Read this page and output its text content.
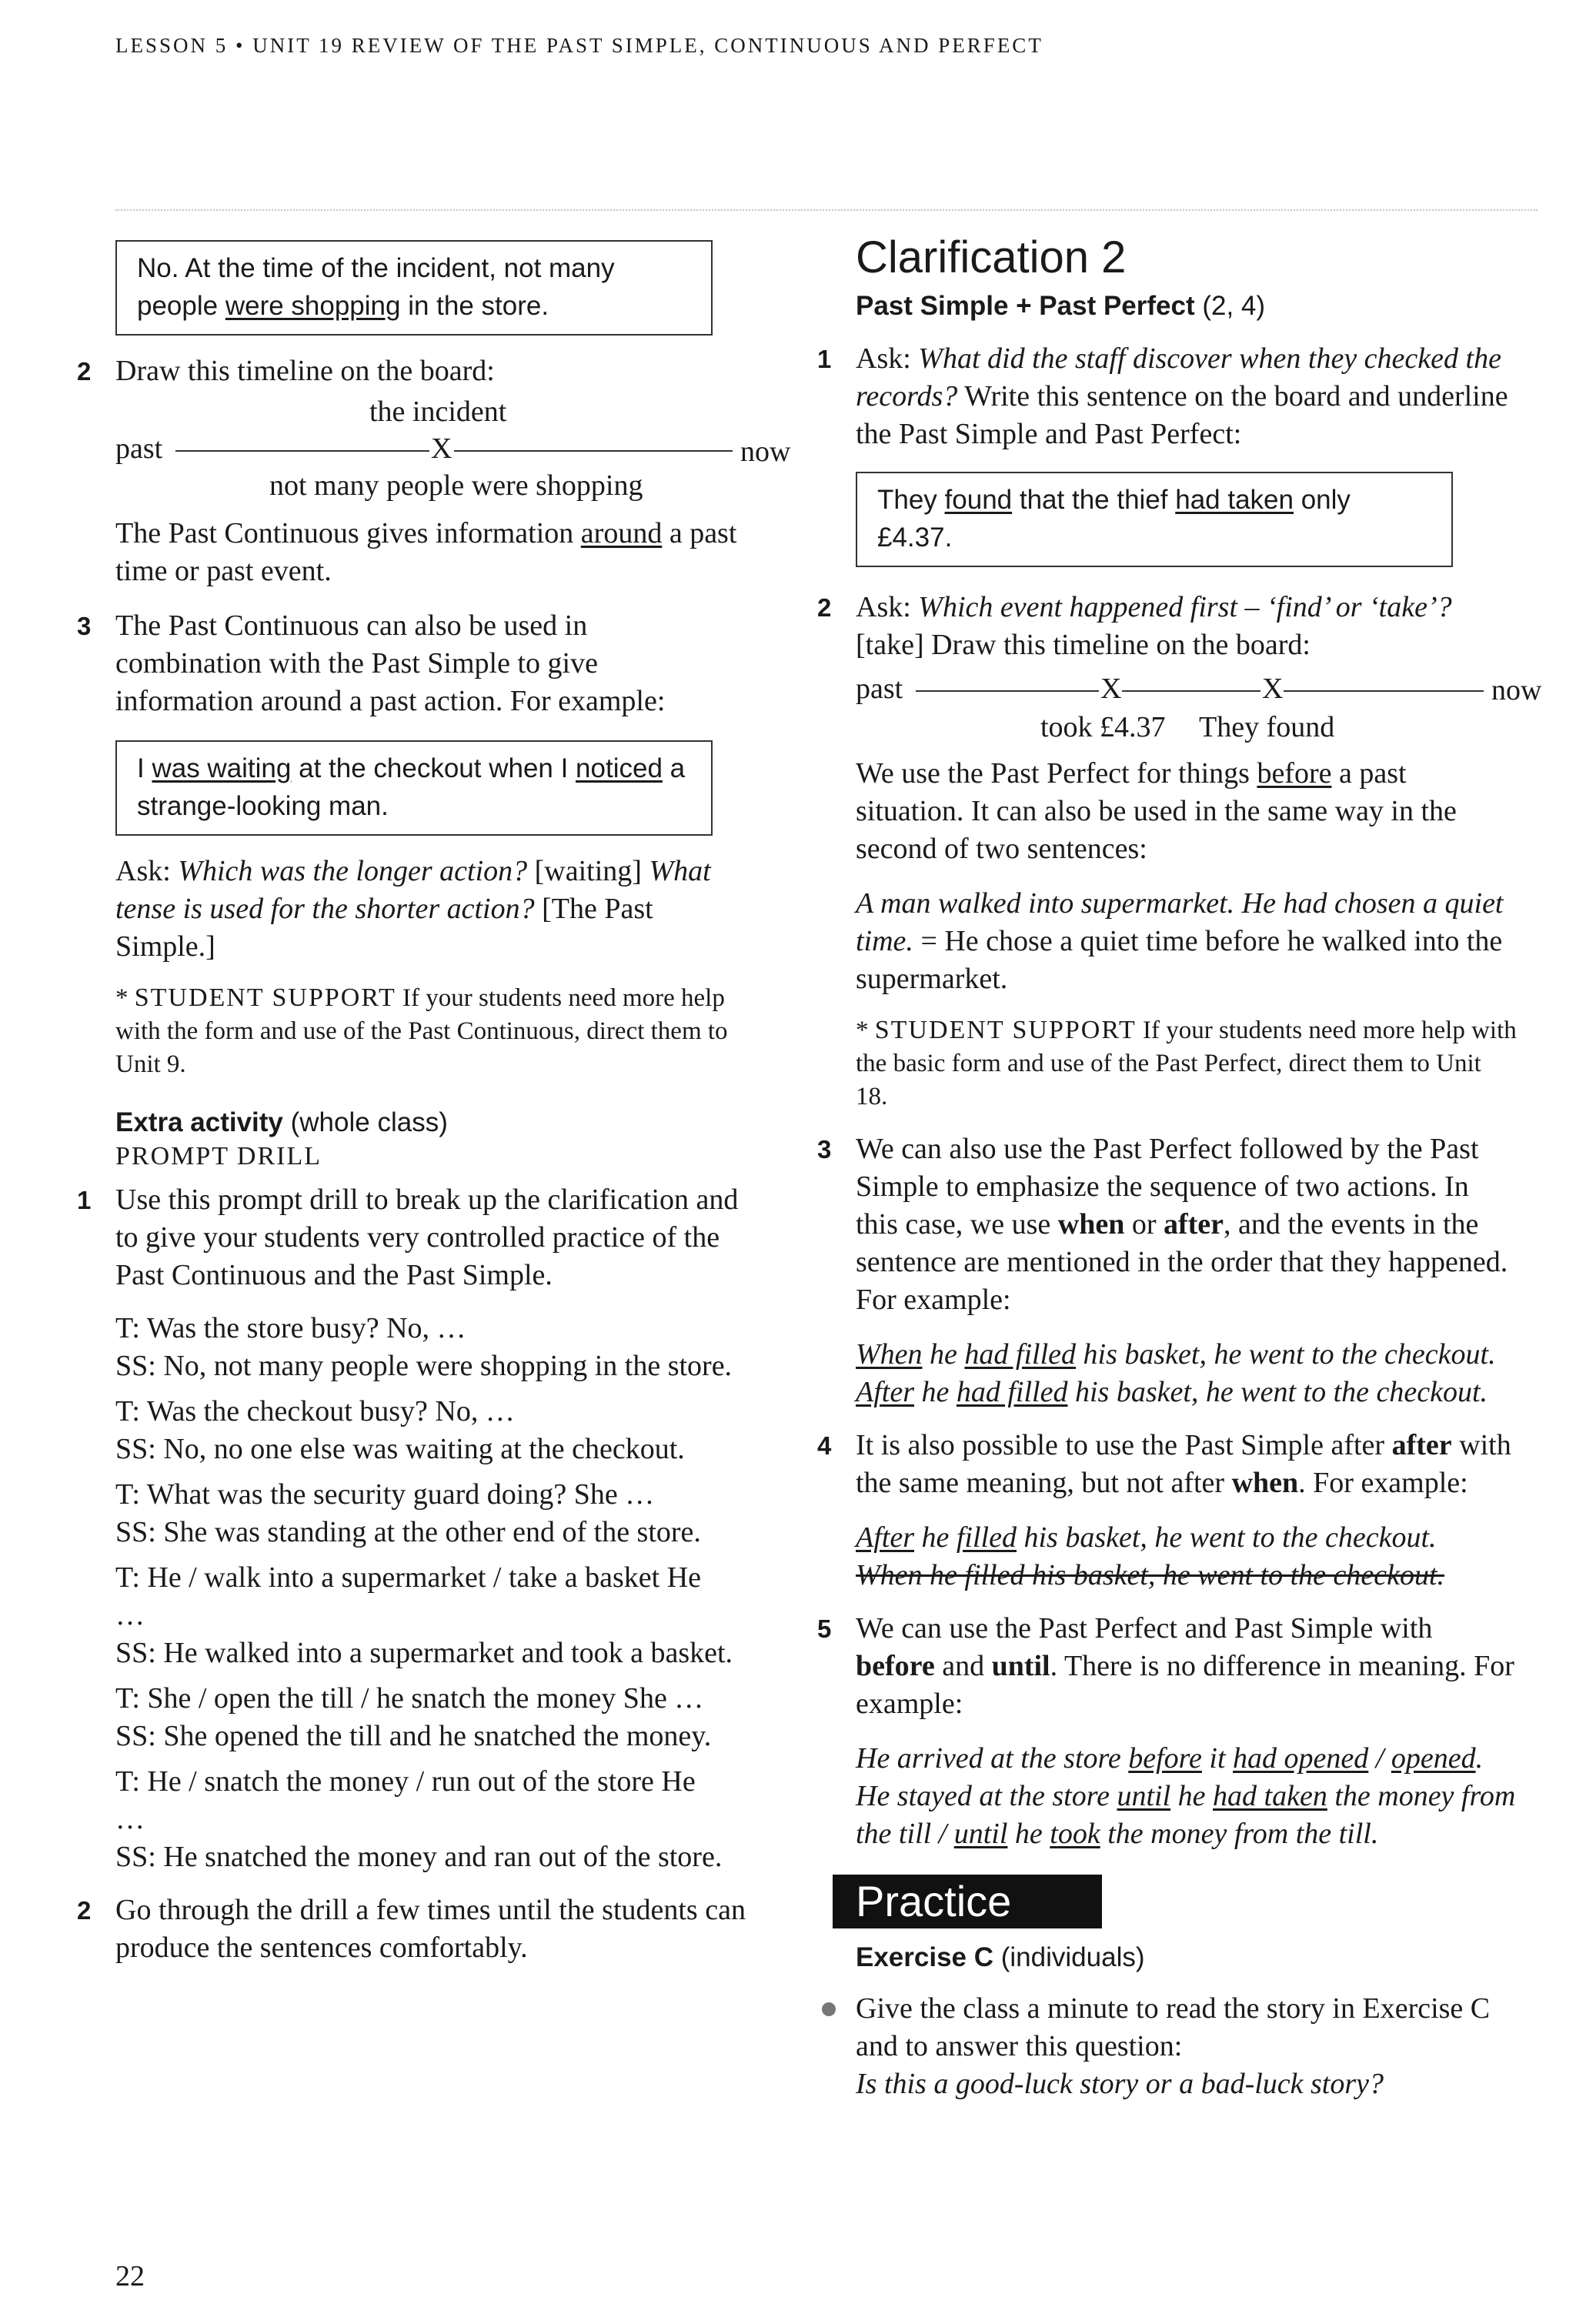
LESSON 5 • UNIT 19 REVIEW OF THE PAST SIMPLE, CONTINUOUS AND PERFECT
No. At the time of the incident, not many people were shopping in the store.
2 Draw this timeline on the board:
the incident
past	X	now
not many people were shopping
The Past Continuous gives information around a past time or past event.
3 The Past Continuous can also be used in combination with the Past Simple to give information around a past action. For example:
I was waiting at the checkout when I noticed a strange-looking man.
Ask: Which was the longer action? [waiting] What tense is used for the shorter action? [The Past Simple.]
* STUDENT SUPPORT If your students need more help with the form and use of the Past Continuous, direct them to Unit 9.
Extra activity (whole class)
PROMPT DRILL
1 Use this prompt drill to break up the clarification and to give your students very controlled practice of the Past Continuous and the Past Simple.

T: Was the store busy? No, …

SS: No, not many people were shopping in the store.

T: Was the checkout busy? No, …

SS: No, no one else was waiting at the checkout.

T: What was the security guard doing? She …

SS: She was standing at the other end of the store.

T: He / walk into a supermarket / take a basket He …

SS: He walked into a supermarket and took a basket.

T: She / open the till / he snatch the money She …

SS: She opened the till and he snatched the money.

T: He / snatch the money / run out of the store He …

SS: He snatched the money and ran out of the store.

2 Go through the drill a few times until the students can produce the sentences comfortably.
Clarification 2
Past Simple + Past Perfect (2, 4)
1 Ask: What did the staff discover when they checked the records? Write this sentence on the board and underline the Past Simple and Past Perfect:
They found that the thief had taken only £4.37.
2 Ask: Which event happened first – ‘find’ or ‘take’? [take] Draw this timeline on the board:
past	X	X	now
took £4.37 They found
We use the Past Perfect for things before a past situation. It can also be used in the same way in the second of two sentences:
A man walked into supermarket. He had chosen a quiet time. = He chose a quiet time before he walked into the supermarket.
* STUDENT SUPPORT If your students need more help with the basic form and use of the Past Perfect, direct them to Unit 18.
3 We can also use the Past Perfect followed by the Past Simple to emphasize the sequence of two actions. In this case, we use when or after, and the events in the sentence are mentioned in the order that they happened. For example:
When he had filled his basket, he went to the checkout.
After he had filled his basket, he went to the checkout.
4 It is also possible to use the Past Simple after after with the same meaning, but not after when. For example:
After he filled his basket, he went to the checkout.
When he filled his basket, he went to the checkout.
5 We can use the Past Perfect and Past Simple with before and until. There is no difference in meaning. For example:
He arrived at the store before it had opened / opened.
He stayed at the store until he had taken the money from the till / until he took the money from the till.
Practice
Exercise C (individuals)
Give the class a minute to read the story in Exercise C and to answer this question:
Is this a good-luck story or a bad-luck story?
22
